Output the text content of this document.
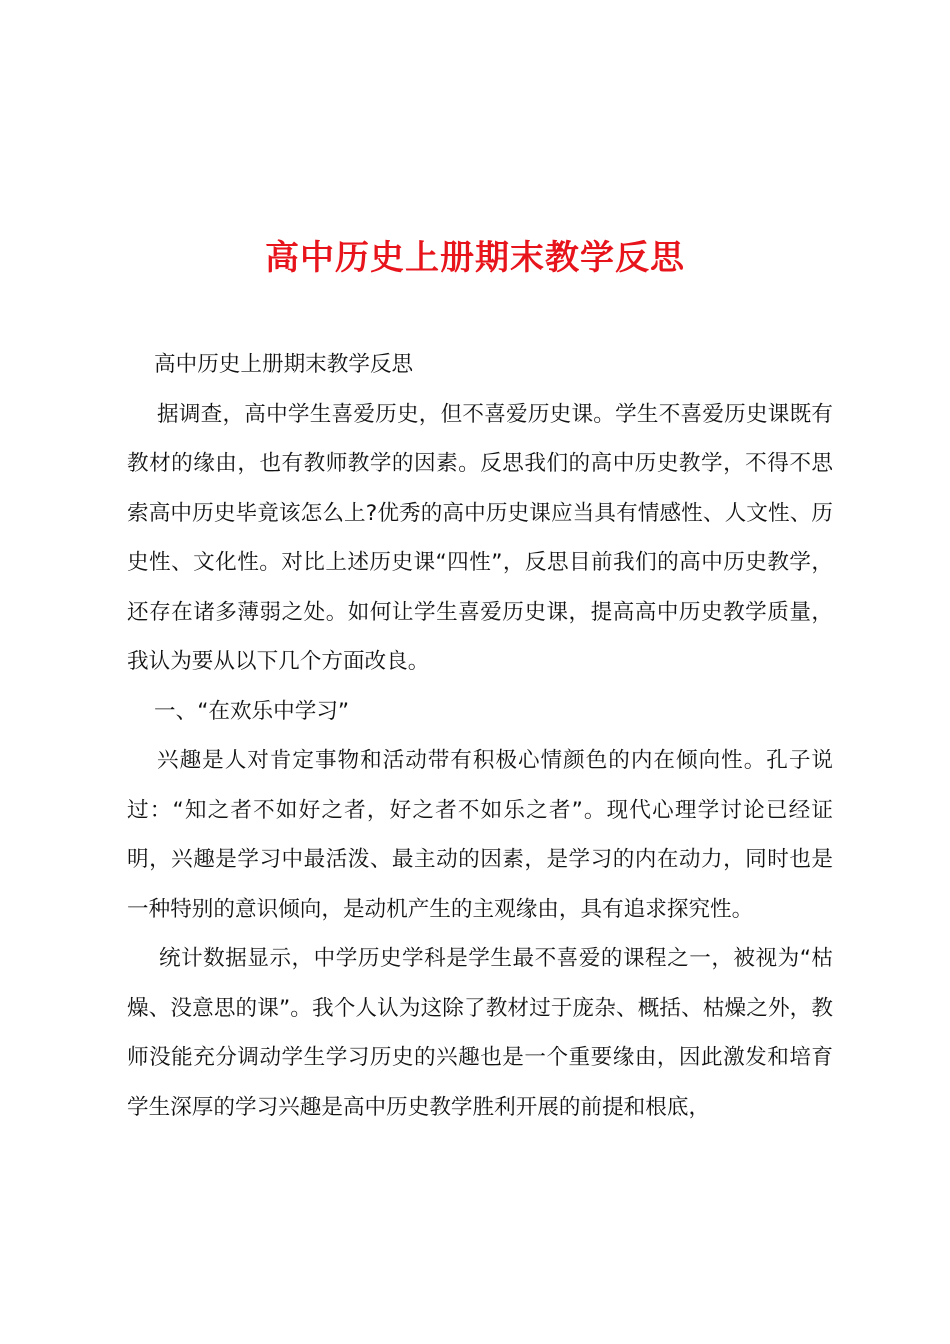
高中历史上册期末教学反思

高中历史上册期末教学反思

据调查，高中学生喜爱历史，但不喜爱历史课。学生不喜爱历史课既有教材的缘由，也有教师教学的因素。反思我们的高中历史教学，不得不思索高中历史毕竟该怎么上?优秀的高中历史课应当具有情感性、人文性、历史性、文化性。对比上述历史课“四性”，反思目前我们的高中历史教学，还存在诸多薄弱之处。如何让学生喜爱历史课，提高高中历史教学质量，我认为要从以下几个方面改良。

一、“在欢乐中学习”

兴趣是人对肯定事物和活动带有积极心情颜色的内在倾向性。孔子说过：“知之者不如好之者，好之者不如乐之者”。现代心理学讨论已经证明，兴趣是学习中最活泼、最主动的因素，是学习的内在动力，同时也是一种特别的意识倾向，是动机产生的主观缘由，具有追求探究性。

统计数据显示，中学历史学科是学生最不喜爱的课程之一，被视为“枯燥、没意思的课”。我个人认为这除了教材过于庞杂、概括、枯燥之外，教师没能充分调动学生学习历史的兴趣也是一个重要缘由，因此激发和培育学生深厚的学习兴趣是高中历史教学胜利开展的前提和根底，
